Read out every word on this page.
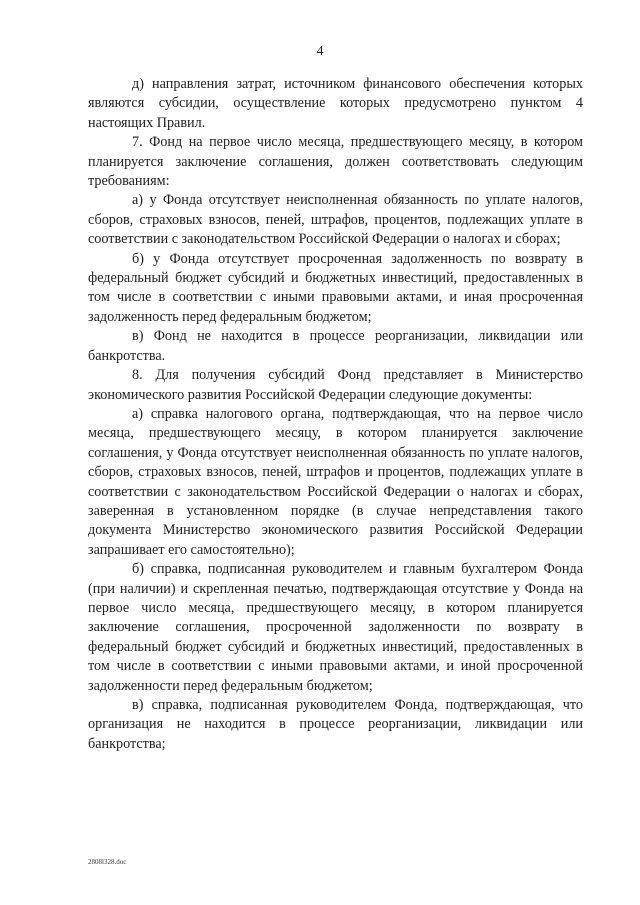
4

д) направления затрат, источником финансового обеспечения которых являются субсидии, осуществление которых предусмотрено пунктом 4 настоящих Правил.

7. Фонд на первое число месяца, предшествующего месяцу, в котором планируется заключение соглашения, должен соответствовать следующим требованиям:

а) у Фонда отсутствует неисполненная обязанность по уплате налогов, сборов, страховых взносов, пеней, штрафов, процентов, подлежащих уплате в соответствии с законодательством Российской Федерации о налогах и сборах;

б) у Фонда отсутствует просроченная задолженность по возврату в федеральный бюджет субсидий и бюджетных инвестиций, предоставленных в том числе в соответствии с иными правовыми актами, и иная просроченная задолженность перед федеральным бюджетом;

в) Фонд не находится в процессе реорганизации, ликвидации или банкротства.

8. Для получения субсидий Фонд представляет в Министерство экономического развития Российской Федерации следующие документы:

а) справка налогового органа, подтверждающая, что на первое число месяца, предшествующего месяцу, в котором планируется заключение соглашения, у Фонда отсутствует неисполненная обязанность по уплате налогов, сборов, страховых взносов, пеней, штрафов и процентов, подлежащих уплате в соответствии с законодательством Российской Федерации о налогах и сборах, заверенная в установленном порядке (в случае непредставления такого документа Министерство экономического развития Российской Федерации запрашивает его самостоятельно);

б) справка, подписанная руководителем и главным бухгалтером Фонда (при наличии) и скрепленная печатью, подтверждающая отсутствие у Фонда на первое число месяца, предшествующего месяцу, в котором планируется заключение соглашения, просроченной задолженности по возврату в федеральный бюджет субсидий и бюджетных инвестиций, предоставленных в том числе в соответствии с иными правовыми актами, и иной просроченной задолженности перед федеральным бюджетом;

в) справка, подписанная руководителем Фонда, подтверждающая, что организация не находится в процессе реорганизации, ликвидации или банкротства;

2808l328.doc
